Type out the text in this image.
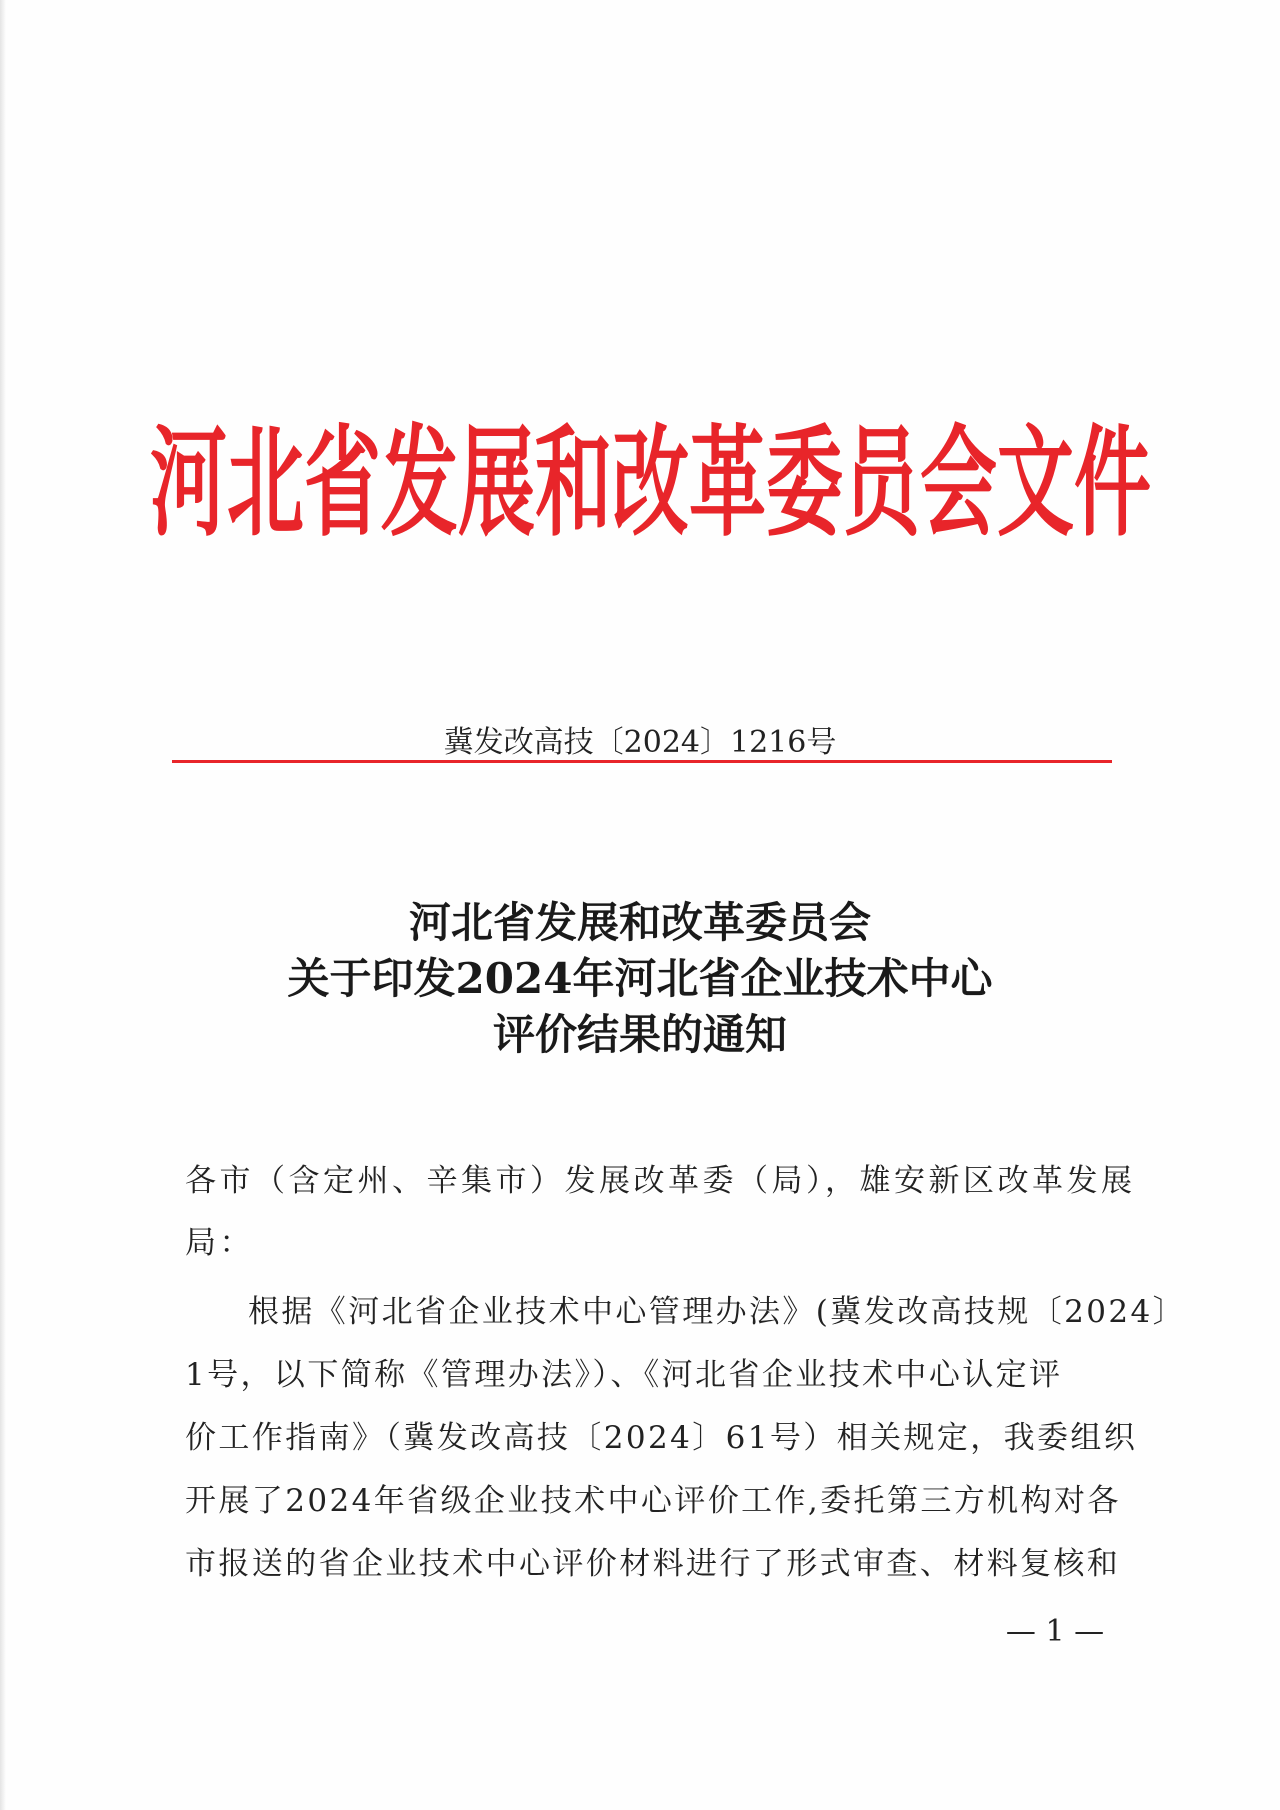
河北省发展和改革委员会文件
冀发改高技〔2024〕1216号
河北省发展和改革委员会
关于印发2024年河北省企业技术中心
评价结果的通知
各市（含定州、辛集市）发展改革委（局），雄安新区改革发展
局：
根据《河北省企业技术中心管理办法》(冀发改高技规〔2024〕
1号，以下简称《管理办法》）、《河北省企业技术中心认定评
价工作指南》（冀发改高技〔2024〕61号）相关规定，我委组织
开展了2024年省级企业技术中心评价工作,委托第三方机构对各
市报送的省企业技术中心评价材料进行了形式审查、材料复核和
— 1 —
